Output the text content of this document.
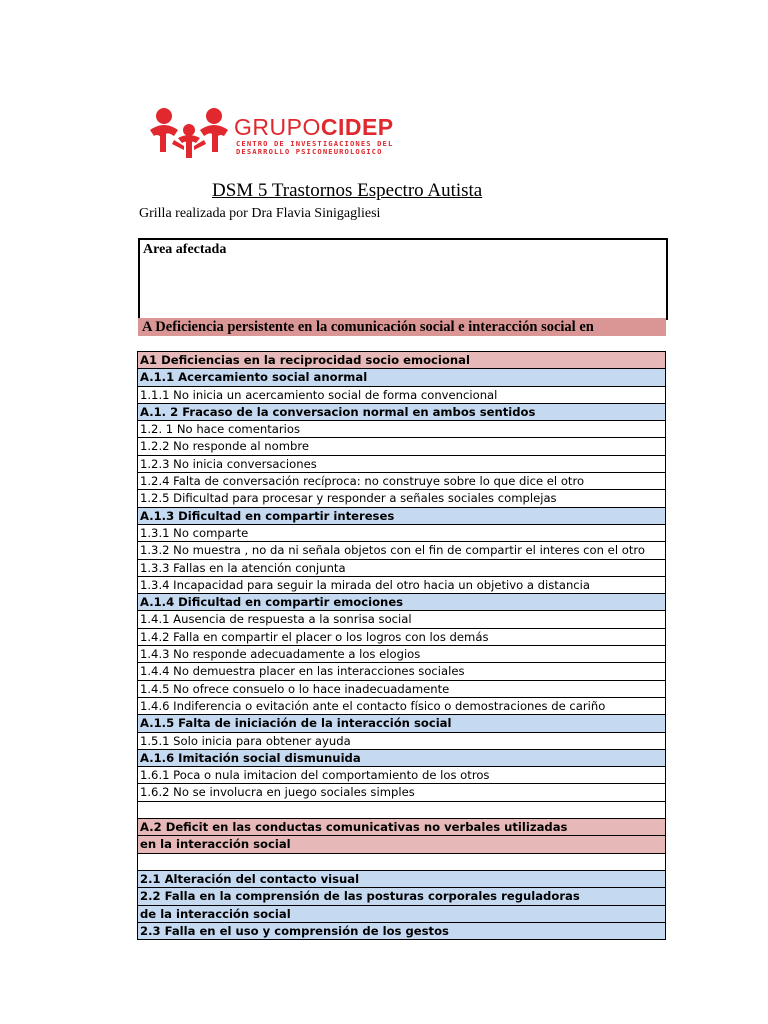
GRUPOCIDEP
CENTRO DE INVESTIGACIONES DEL
DESARROLLO PSICONEUROLOGICO
DSM 5 Trastornos Espectro Autista
Grilla realizada por Dra Flavia Sinigagliesi
Area afectada
A Deficiencia persistente en la comunicación social e interacción social en
A1 Deficiencias en la reciprocidad socio emocional
A.1.1 Acercamiento social anormal
1.1.1 No inicia un acercamiento social de forma convencional
A.1. 2 Fracaso de la conversacion normal en ambos sentidos
1.2. 1 No hace comentarios
1.2.2 No responde al nombre
1.2.3 No inicia conversaciones
1.2.4 Falta de conversación recíproca: no construye sobre lo que dice el otro
1.2.5 Dificultad para procesar y responder a señales sociales complejas
A.1.3 Dificultad en compartir intereses
1.3.1 No comparte
1.3.2 No muestra , no da ni señala objetos con el fin de compartir el interes con el otro
1.3.3 Fallas en la atención conjunta
1.3.4 Incapacidad para seguir la mirada del otro hacia un objetivo a distancia
A.1.4 Dificultad en compartir emociones
1.4.1 Ausencia de respuesta a la sonrisa social
1.4.2 Falla en compartir el placer o los logros con los demás
1.4.3 No responde adecuadamente a los elogios
1.4.4 No demuestra placer en las interacciones sociales
1.4.5 No ofrece consuelo o lo hace inadecuadamente
1.4.6 Indiferencia o evitación ante el contacto físico o demostraciones de cariño
A.1.5 Falta de iniciación de la interacción social
1.5.1 Solo inicia para obtener ayuda
A.1.6 Imitación social dismunuida
1.6.1 Poca o nula imitacion del comportamiento de los otros
1.6.2 No se involucra en juego sociales simples
A.2 Deficit en las conductas comunicativas no verbales utilizadas
en la interacción social
2.1 Alteración del contacto visual
2.2 Falla en la comprensión de las posturas corporales reguladoras
de la interacción social
2.3 Falla en el uso y comprensión de los gestos
